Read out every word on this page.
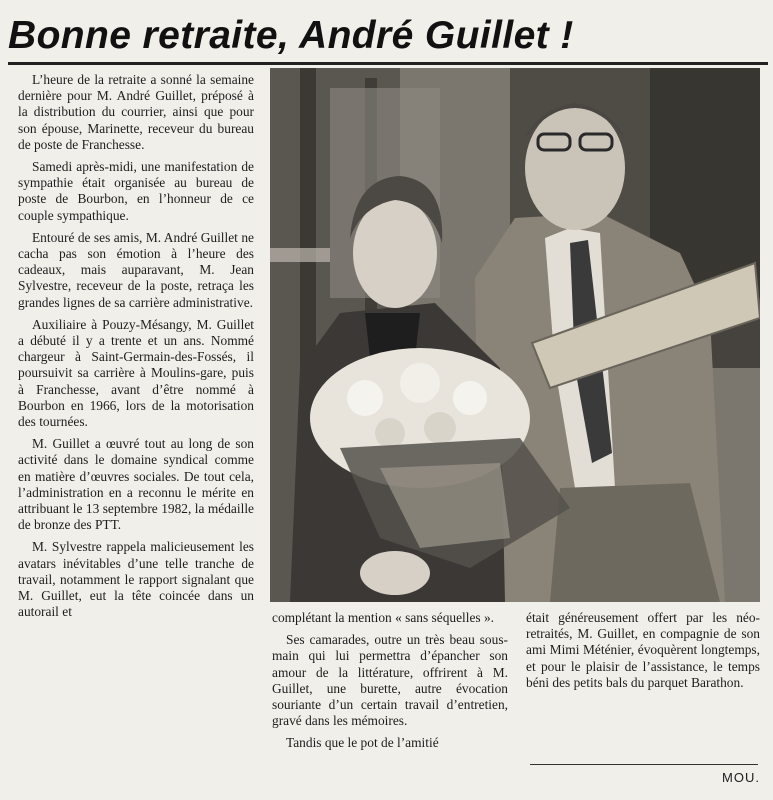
Bonne retraite, André Guillet !

L’heure de la retraite a sonné la semaine dernière pour M. André Guillet, préposé à la distribution du courrier, ainsi que pour son épouse, Marinette, receveur du bureau de poste de Franchesse.

Samedi après-midi, une manifestation de sympathie était organisée au bureau de poste de Bourbon, en l’honneur de ce couple sympathique.

Entouré de ses amis, M. André Guillet ne cacha pas son émotion à l’heure des cadeaux, mais auparavant, M. Jean Sylvestre, receveur de la poste, retraça les grandes lignes de sa carrière administrative.

Auxiliaire à Pouzy-Mésangy, M. Guillet a débuté il y a trente et un ans. Nommé chargeur à Saint-Germain-des-Fossés, il poursuivit sa carrière à Moulins-gare, puis à Franchesse, avant d’être nommé à Bourbon en 1966, lors de la motorisation des tournées.

M. Guillet a œuvré tout au long de son activité dans le domaine syndical comme en matière d’œuvres sociales. De tout cela, l’administration en a reconnu le mérite en attribuant le 13 septembre 1982, la médaille de bronze des PTT.

M. Sylvestre rappela malicieusement les avatars inévitables d’une telle tranche de travail, notamment le rapport signalant que M. Guillet, eut la tête coincée dans un autorail et	complétant la mention « sans séquelles ».

Ses camarades, outre un très beau sous-main qui lui permettra d’épancher son amour de la littérature, offrirent à M. Guillet, une burette, autre évocation souriante d’un certain travail d’entretien, gravé dans les mémoires.

Tandis que le pot de l’amitié

était généreusement offert par les néo-retraités, M. Guillet, en compagnie de son ami Mimi Méténier, évoquèrent longtemps, et pour le plaisir de l’assistance, le temps béni des petits bals du parquet Barathon.

MOU.
